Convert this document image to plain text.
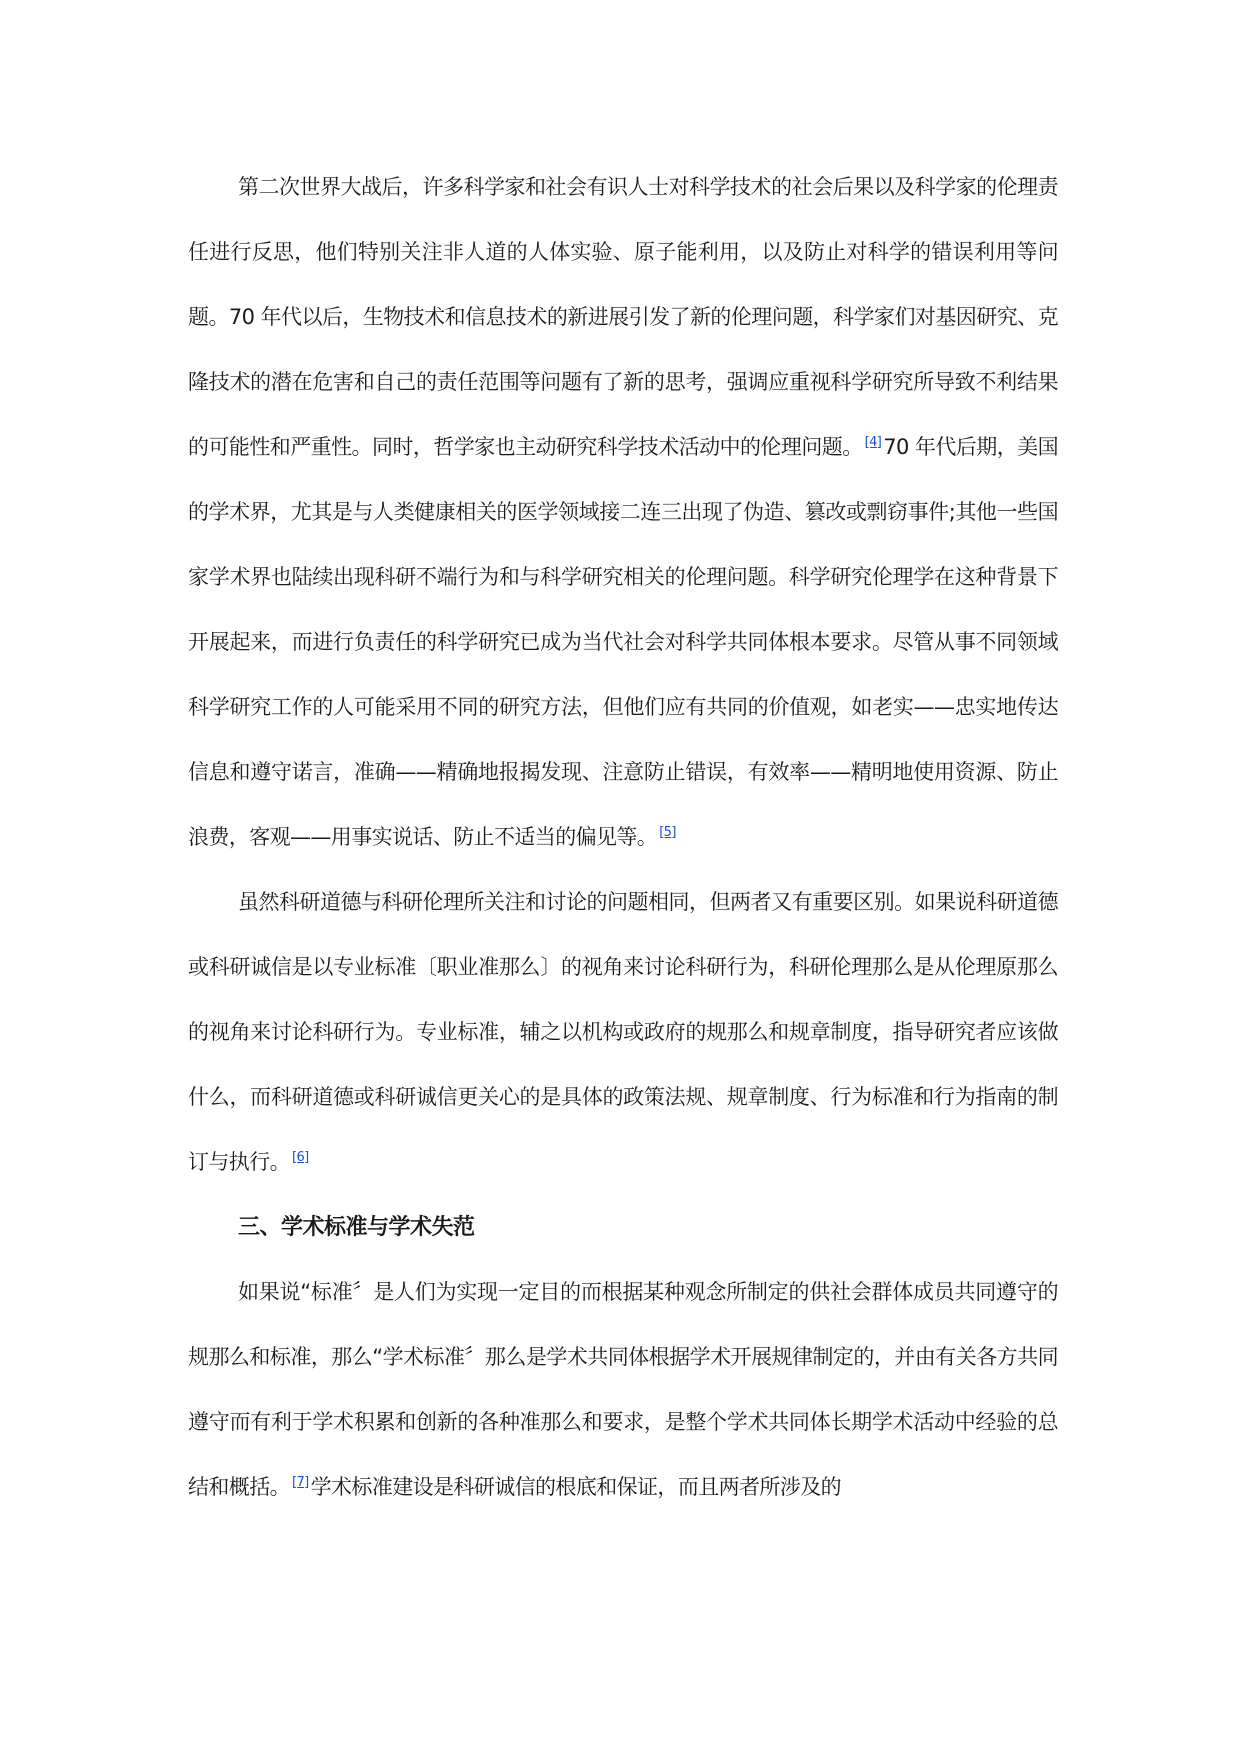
第二次世界大战后，许多科学家和社会有识人士对科学技术的社会后果以及科学家的伦理责任进行反思，他们特别关注非人道的人体实验、原子能利用，以及防止对科学的错误利用等问题。70 年代以后，生物技术和信息技术的新进展引发了新的伦理问题，科学家们对基因研究、克隆技术的潜在危害和自己的责任范围等问题有了新的思考，强调应重视科学研究所导致不利结果的可能性和严重性。同时，哲学家也主动研究科学技术活动中的伦理问题。 [4]70 年代后期，美国的学术界，尤其是与人类健康相关的医学领域接二连三出现了伪造、篡改或剽窃事件;其他一些国家学术界也陆续出现科研不端行为和与科学研究相关的伦理问题。科学研究伦理学在这种背景下开展起来，而进行负责任的科学研究已成为当代社会对科学共同体根本要求。尽管从事不同领域科学研究工作的人可能采用不同的研究方法，但他们应有共同的价值观，如老实——忠实地传达信息和遵守诺言，准确——精确地报揭发现、注意防止错误，有效率——精明地使用资源、防止浪费，客观——用事实说话、防止不适当的偏见等。 [5]

虽然科研道德与科研伦理所关注和讨论的问题相同，但两者又有重要区别。如果说科研道德或科研诚信是以专业标准〔职业准那么〕的视角来讨论科研行为，科研伦理那么是从伦理原那么的视角来讨论科研行为。专业标准，辅之以机构或政府的规那么和规章制度，指导研究者应该做什么，而科研道德或科研诚信更关心的是具体的政策法规、规章制度、行为标准和行为指南的制订与执行。 [6]

三、学术标准与学术失范

如果说“标准〞是人们为实现一定目的而根据某种观念所制定的供社会群体成员共同遵守的规那么和标准，那么“学术标准〞那么是学术共同体根据学术开展规律制定的，并由有关各方共同遵守而有利于学术积累和创新的各种准那么和要求，是整个学术共同体长期学术活动中经验的总结和概括。 [7]学术标准建设是科研诚信的根底和保证，而且两者所涉及的
